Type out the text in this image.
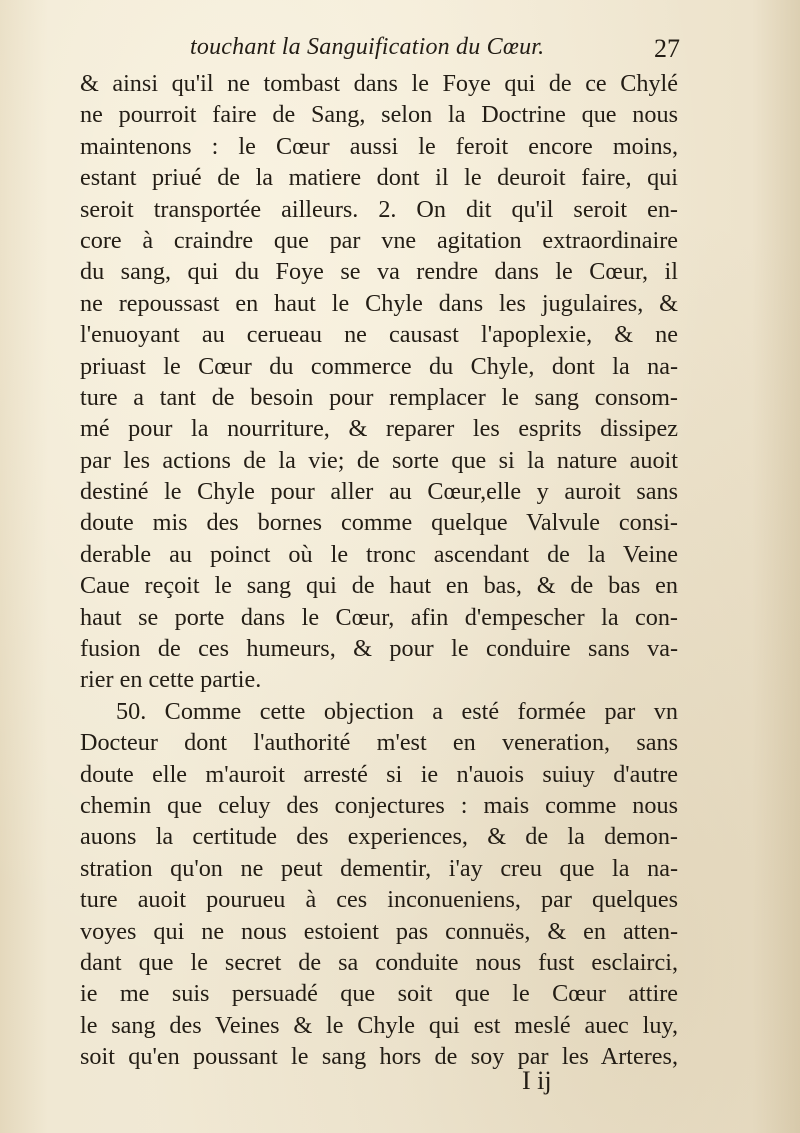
touchant la Sanguification du Cœur.	27
& ainsi qu'il ne tombast dans le Foye qui de ce Chylé
ne pourroit faire de Sang, selon la Doctrine que nous
maintenons : le Cœur aussi le feroit encore moins,
estant priué de la matiere dont il le deuroit faire, qui
seroit transportée ailleurs. 2. On dit qu'il seroit en-
core à craindre que par vne agitation extraordinaire
du sang, qui du Foye se va rendre dans le Cœur, il
ne repoussast en haut le Chyle dans les jugulaires, &
l'enuoyant au cerueau ne causast l'apoplexie, & ne
priuast le Cœur du commerce du Chyle, dont la na-
ture a tant de besoin pour remplacer le sang consom-
mé pour la nourriture, & reparer les esprits dissipez
par les actions de la vie; de sorte que si la nature auoit
destiné le Chyle pour aller au Cœur,elle y auroit sans
doute mis des bornes comme quelque Valvule consi-
derable au poinct où le tronc ascendant de la Veine
Caue reçoit le sang qui de haut en bas, & de bas en
haut se porte dans le Cœur, afin d'empescher la con-
fusion de ces humeurs, & pour le conduire sans va-
rier en cette partie.
50. Comme cette objection a esté formée par vn
Docteur dont l'authorité m'est en veneration, sans
doute elle m'auroit arresté si ie n'auois suiuy d'autre
chemin que celuy des conjectures : mais comme nous
auons la certitude des experiences, & de la demon-
stration qu'on ne peut dementir, i'ay creu que la na-
ture auoit pourueu à ces inconueniens, par quelques
voyes qui ne nous estoient pas connuës, & en atten-
dant que le secret de sa conduite nous fust esclairci,
ie me suis persuadé que soit que le Cœur attire
le sang des Veines & le Chyle qui est meslé auec luy,
soit qu'en poussant le sang hors de soy par les Arteres,
I ij
